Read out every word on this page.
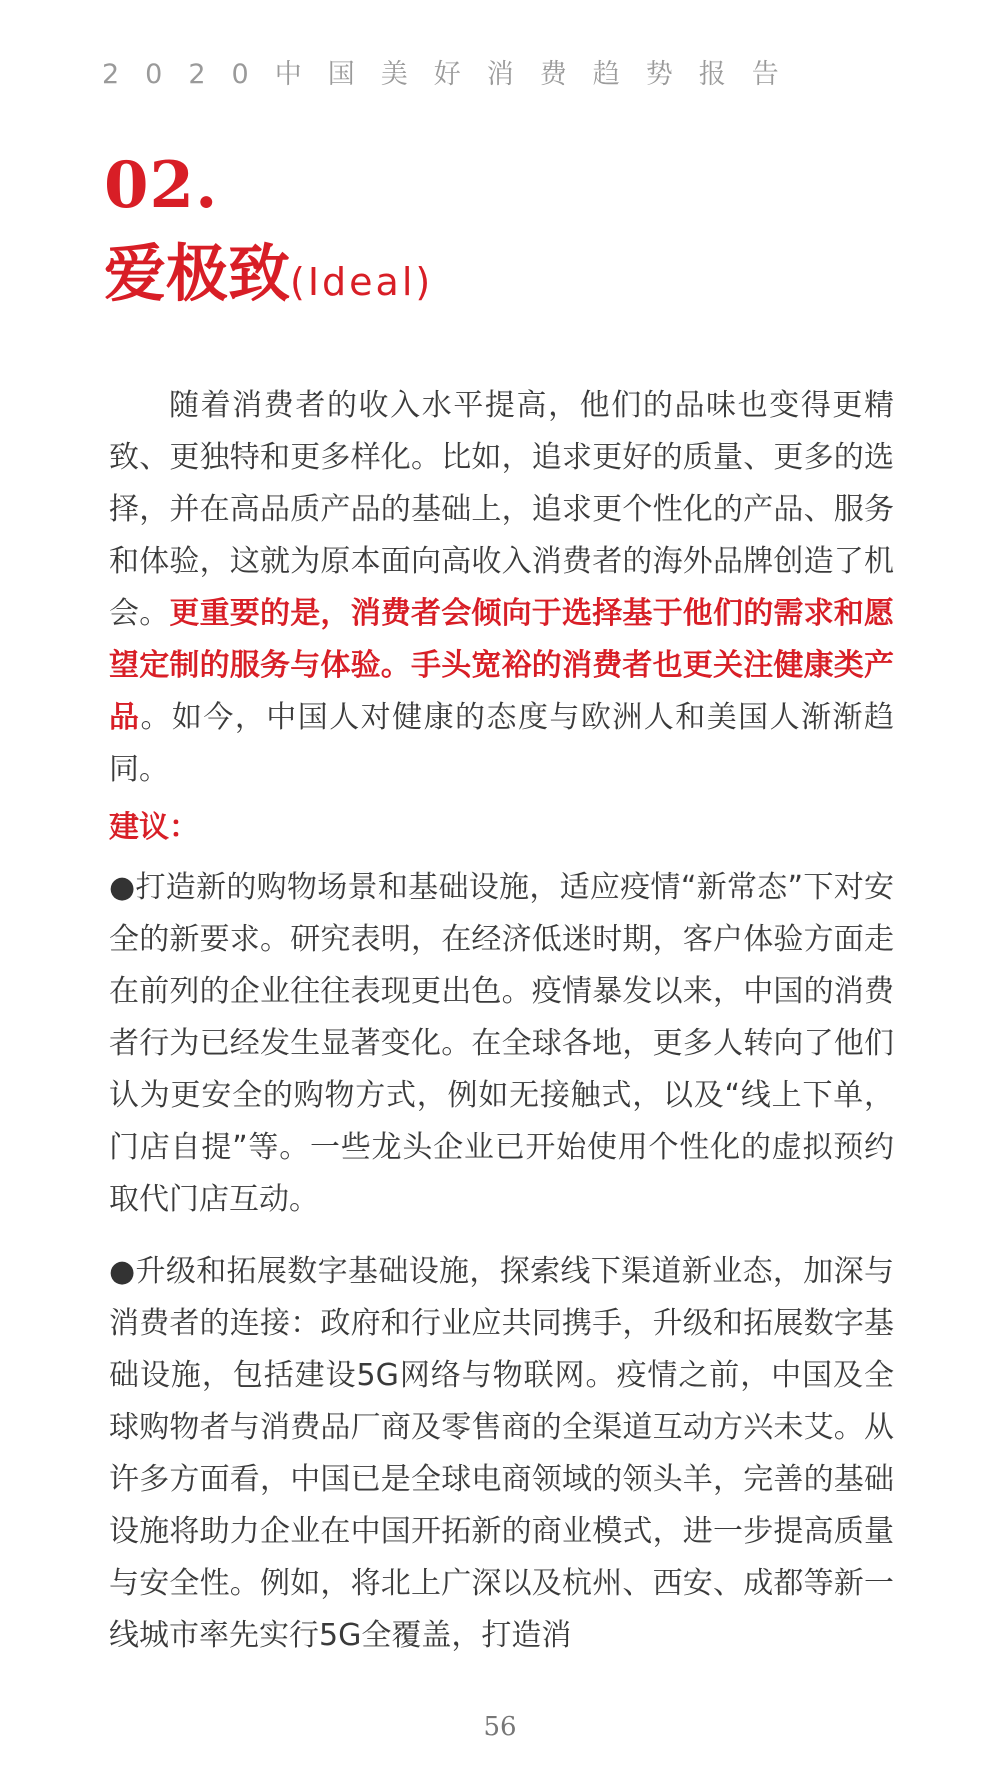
2020中国美好消费趋势报告
02.
爱极致(Ideal)

随着消费者的收入水平提高，他们的品味也变得更精致、更独特和更多样化。比如，追求更好的质量、更多的选择，并在高品质产品的基础上，追求更个性化的产品、服务和体验，这就为原本面向高收入消费者的海外品牌创造了机会。更重要的是，消费者会倾向于选择基于他们的需求和愿望定制的服务与体验。手头宽裕的消费者也更关注健康类产品。如今，中国人对健康的态度与欧洲人和美国人渐渐趋同。

建议：

●打造新的购物场景和基础设施，适应疫情“新常态”下对安全的新要求。研究表明，在经济低迷时期，客户体验方面走在前列的企业往往表现更出色。疫情暴发以来，中国的消费者行为已经发生显著变化。在全球各地，更多人转向了他们认为更安全的购物方式，例如无接触式，以及“线上下单，门店自提”等。一些龙头企业已开始使用个性化的虚拟预约取代门店互动。

●升级和拓展数字基础设施，探索线下渠道新业态，加深与消费者的连接：政府和行业应共同携手，升级和拓展数字基础设施，包括建设5G网络与物联网。疫情之前，中国及全球购物者与消费品厂商及零售商的全渠道互动方兴未艾。从许多方面看，中国已是全球电商领域的领头羊，完善的基础设施将助力企业在中国开拓新的商业模式，进一步提高质量与安全性。例如，将北上广深以及杭州、西安、成都等新一线城市率先实行5G全覆盖，打造消

56
